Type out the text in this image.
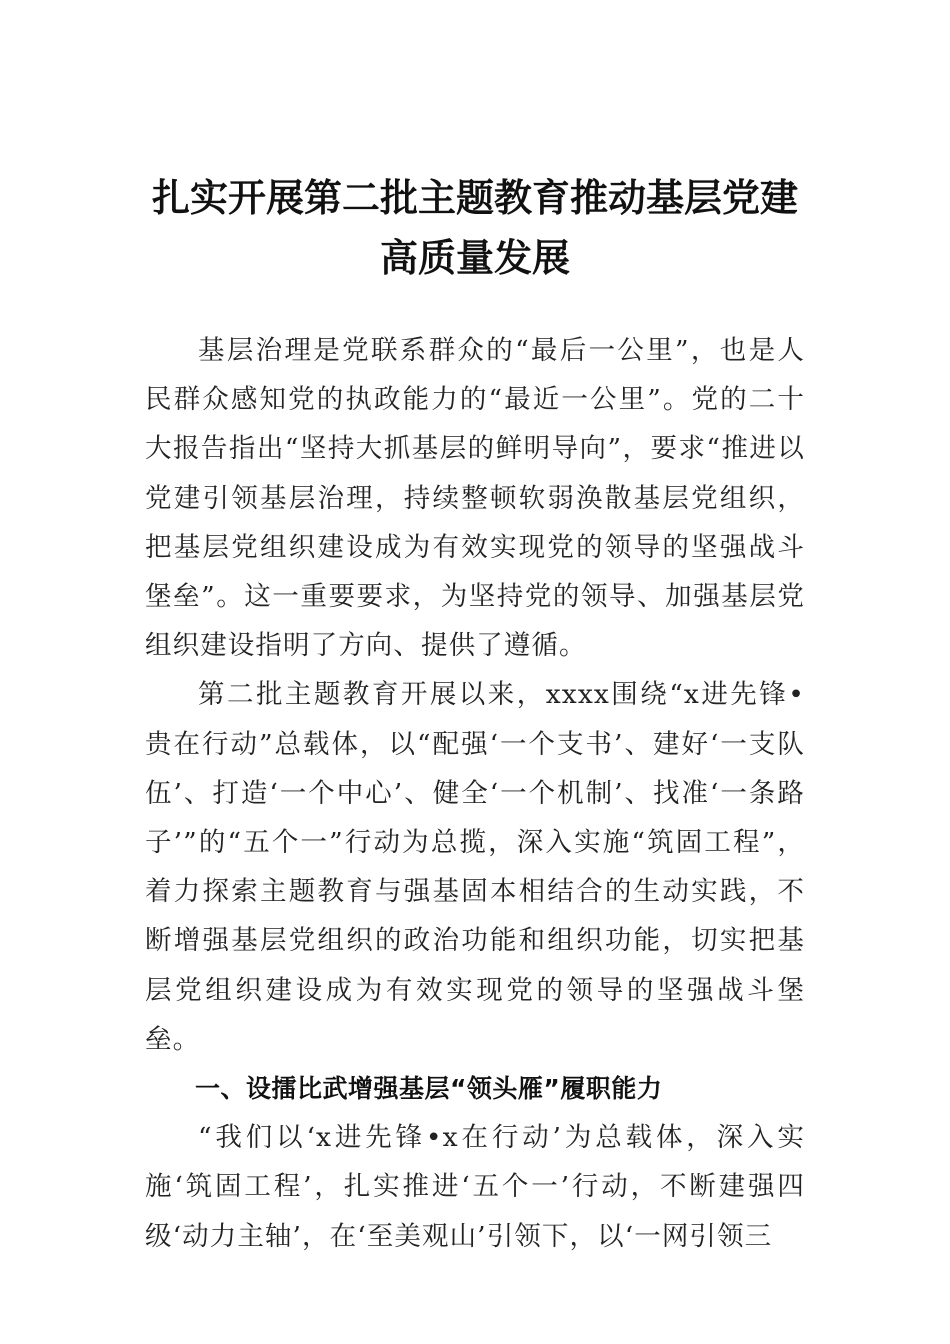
扎实开展第二批主题教育推动基层党建高质量发展

基层治理是党联系群众的“最后一公里”，也是人民群众感知党的执政能力的“最近一公里”。党的二十大报告指出“坚持大抓基层的鲜明导向”，要求“推进以党建引领基层治理，持续整顿软弱涣散基层党组织，把基层党组织建设成为有效实现党的领导的坚强战斗堡垒”。这一重要要求，为坚持党的领导、加强基层党组织建设指明了方向、提供了遵循。

第二批主题教育开展以来，xxxx围绕“x进先锋•贵在行动”总载体，以“配强‘一个支书’、建好‘一支队伍’、打造‘一个中心’、健全‘一个机制’、找准‘一条路子’”的“五个一”行动为总揽，深入实施“筑固工程”，着力探索主题教育与强基固本相结合的生动实践，不断增强基层党组织的政治功能和组织功能，切实把基层党组织建设成为有效实现党的领导的坚强战斗堡垒。

一、设擂比武增强基层“领头雁”履职能力

“我们以‘x进先锋•x在行动’为总载体，深入实施‘筑固工程’，扎实推进‘五个一’行动，不断建强四级‘动力主轴’，在‘至美观山’引领下，以‘一网引领三
